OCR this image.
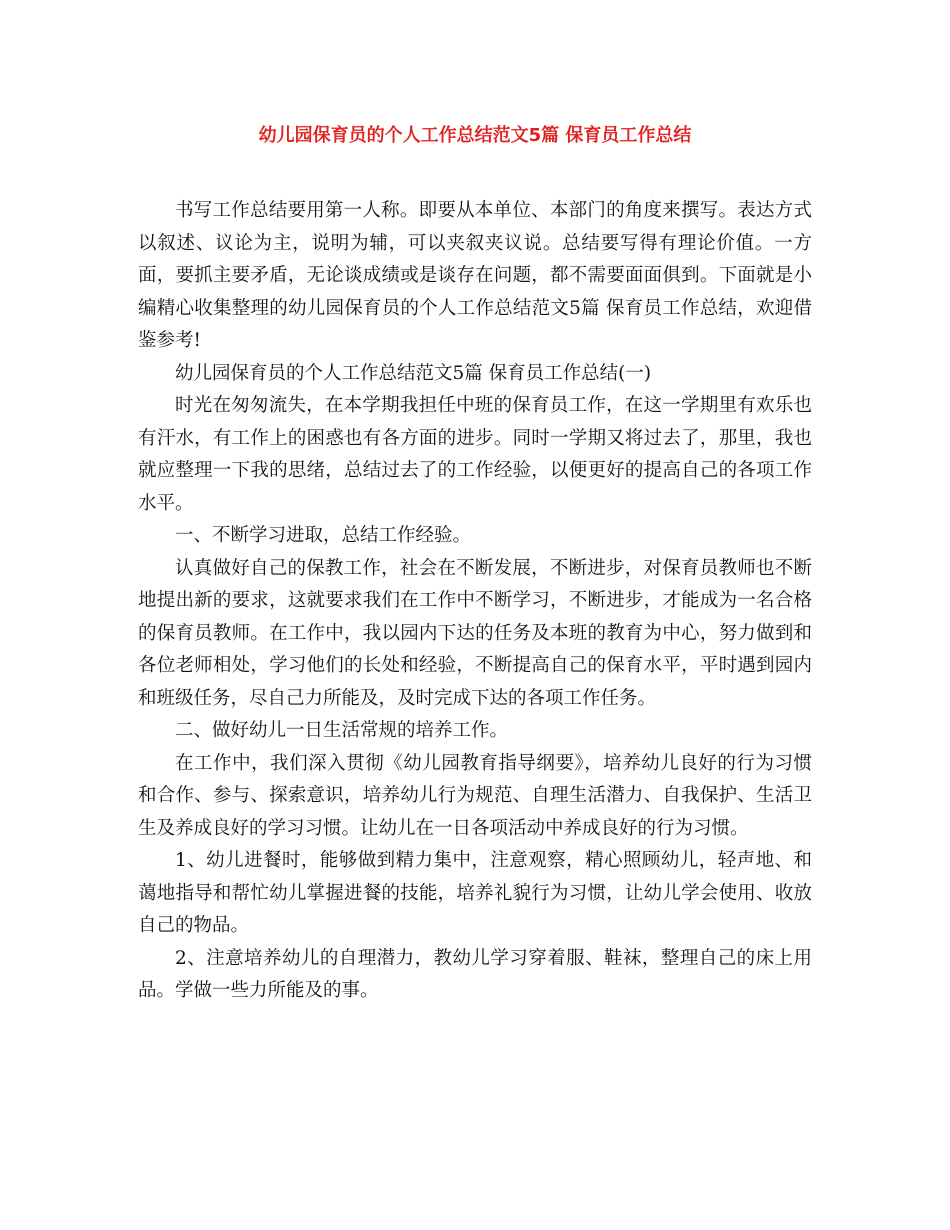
幼儿园保育员的个人工作总结范文5篇 保育员工作总结

书写工作总结要用第一人称。即要从本单位、本部门的角度来撰写。表达方式以叙述、议论为主，说明为辅，可以夹叙夹议说。总结要写得有理论价值。一方面，要抓主要矛盾，无论谈成绩或是谈存在问题，都不需要面面俱到。下面就是小编精心收集整理的幼儿园保育员的个人工作总结范文5篇 保育员工作总结，欢迎借鉴参考!

幼儿园保育员的个人工作总结范文5篇 保育员工作总结(一)

时光在匆匆流失，在本学期我担任中班的保育员工作，在这一学期里有欢乐也有汗水，有工作上的困惑也有各方面的进步。同时一学期又将过去了，那里，我也就应整理一下我的思绪，总结过去了的工作经验，以便更好的提高自己的各项工作水平。

一、不断学习进取，总结工作经验。

认真做好自己的保教工作，社会在不断发展，不断进步，对保育员教师也不断地提出新的要求，这就要求我们在工作中不断学习，不断进步，才能成为一名合格的保育员教师。在工作中，我以园内下达的任务及本班的教育为中心，努力做到和各位老师相处，学习他们的长处和经验，不断提高自己的保育水平，平时遇到园内和班级任务，尽自己力所能及，及时完成下达的各项工作任务。

二、做好幼儿一日生活常规的培养工作。

在工作中，我们深入贯彻《幼儿园教育指导纲要》，培养幼儿良好的行为习惯和合作、参与、探索意识，培养幼儿行为规范、自理生活潜力、自我保护、生活卫生及养成良好的学习习惯。让幼儿在一日各项活动中养成良好的行为习惯。

1、幼儿进餐时，能够做到精力集中，注意观察，精心照顾幼儿，轻声地、和蔼地指导和帮忙幼儿掌握进餐的技能，培养礼貌行为习惯，让幼儿学会使用、收放自己的物品。

2、注意培养幼儿的自理潜力，教幼儿学习穿着服、鞋袜，整理自己的床上用品。学做一些力所能及的事。
